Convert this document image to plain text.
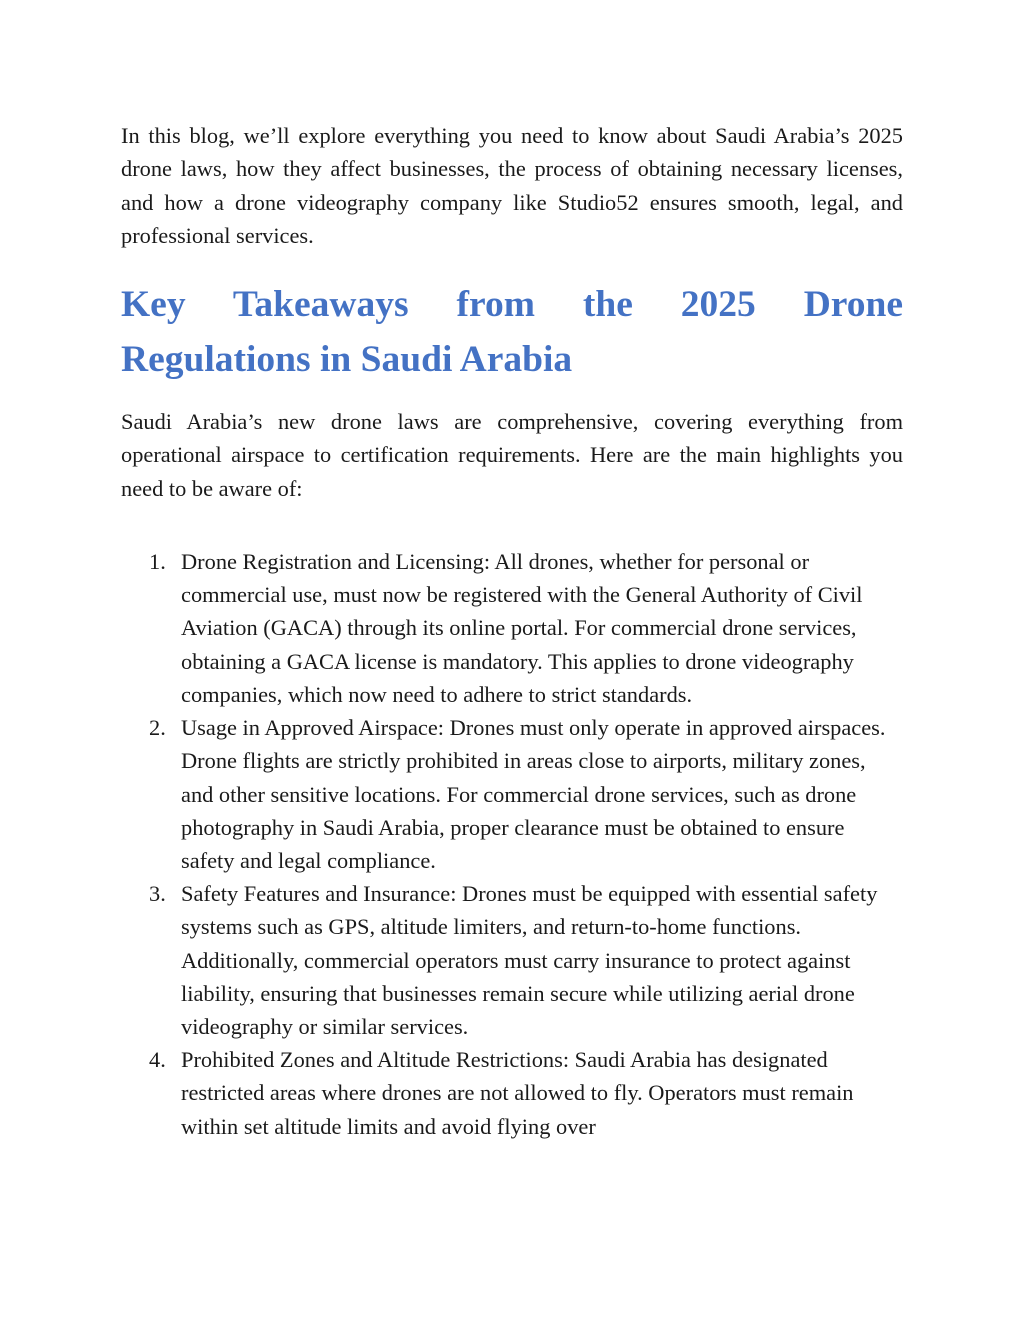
In this blog, we’ll explore everything you need to know about Saudi Arabia’s 2025 drone laws, how they affect businesses, the process of obtaining necessary licenses, and how a drone videography company like Studio52 ensures smooth, legal, and professional services.

Key Takeaways from the 2025 Drone Regulations in Saudi Arabia

Saudi Arabia’s new drone laws are comprehensive, covering everything from operational airspace to certification requirements. Here are the main highlights you need to be aware of:

1. Drone Registration and Licensing: All drones, whether for personal or commercial use, must now be registered with the General Authority of Civil Aviation (GACA) through its online portal. For commercial drone services, obtaining a GACA license is mandatory. This applies to drone videography companies, which now need to adhere to strict standards.
2. Usage in Approved Airspace: Drones must only operate in approved airspaces. Drone flights are strictly prohibited in areas close to airports, military zones, and other sensitive locations. For commercial drone services, such as drone photography in Saudi Arabia, proper clearance must be obtained to ensure safety and legal compliance.
3. Safety Features and Insurance: Drones must be equipped with essential safety systems such as GPS, altitude limiters, and return-to-home functions. Additionally, commercial operators must carry insurance to protect against liability, ensuring that businesses remain secure while utilizing aerial drone videography or similar services.
4. Prohibited Zones and Altitude Restrictions: Saudi Arabia has designated restricted areas where drones are not allowed to fly. Operators must remain within set altitude limits and avoid flying over
